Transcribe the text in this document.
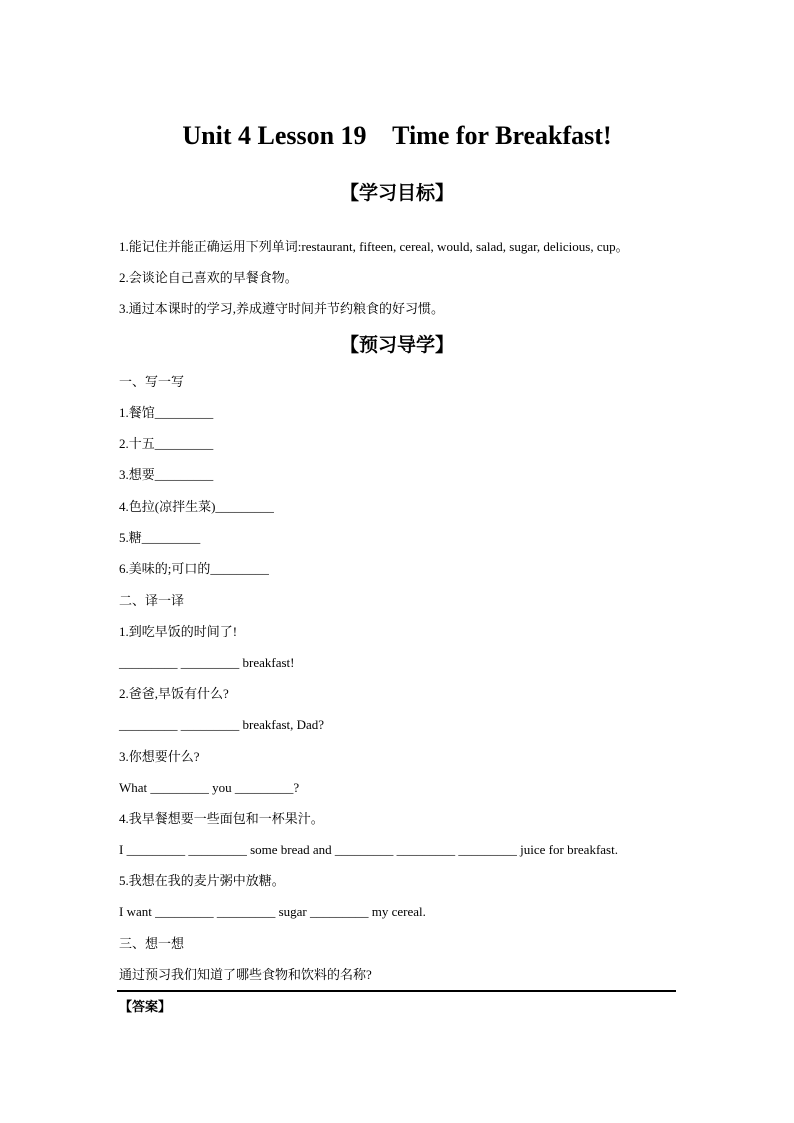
Unit 4 Lesson 19    Time for Breakfast!
【学习目标】
1.能记住并能正确运用下列单词:restaurant, fifteen, cereal, would, salad, sugar, delicious, cup。
2.会谈论自己喜欢的早餐食物。
3.通过本课时的学习,养成遵守时间并节约粮食的好习惯。
【预习导学】
一、写一写
1.餐馆_________
2.十五_________
3.想要_________
4.色拉(凉拌生菜)_________
5.糖_________
6.美味的;可口的_________
二、译一译
1.到吃早饭的时间了!
_________ _________ breakfast!
2.爸爸,早饭有什么?
_________ _________ breakfast, Dad?
3.你想要什么?
What _________ you _________?
4.我早餐想要一些面包和一杯果汁。
I _________ _________ some bread and _________ _________ _________ juice for breakfast.
5.我想在我的麦片粥中放糖。
I want _________ _________ sugar _________ my cereal.
三、想一想
通过预习我们知道了哪些食物和饮料的名称?
【答案】
